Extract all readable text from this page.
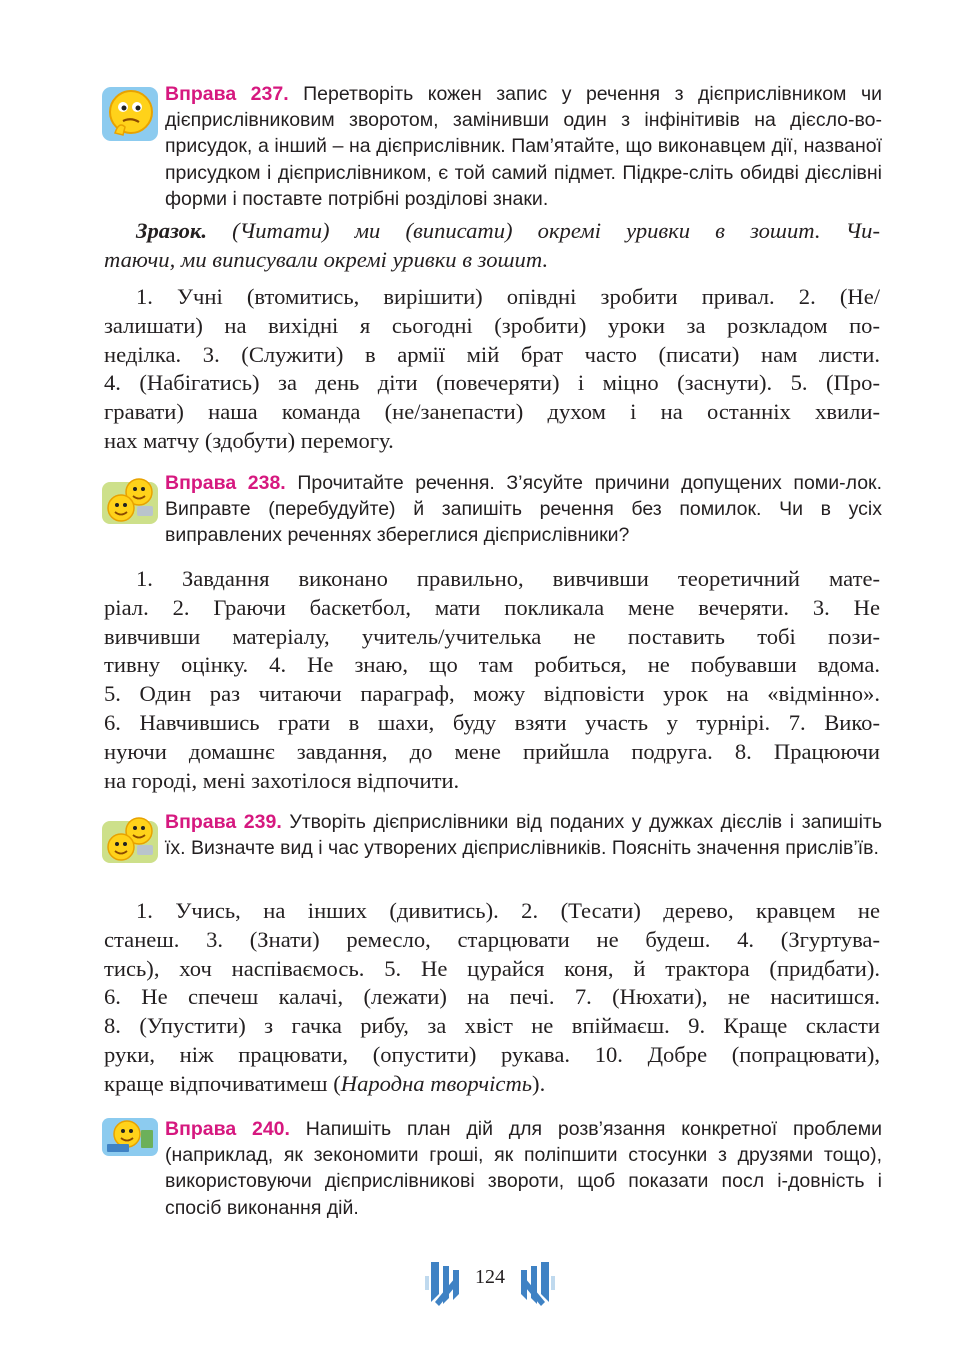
Вправа 237. Перетворіть кожен запис у речення з дієприслівником чи дієприслівниковим зворотом, замінивши один з інфінітивів на дієсло-во-присудок, а інший – на дієприслівник. Пам’ятайте, що виконавцем дії, названої присудком і дієприслівником, є той самий підмет. Підкре-сліть обидві дієслівні форми і поставте потрібні розділові знаки.
Зразок. (Читати) ми (виписати) окремі уривки в зошит. Чи-
таючи, ми виписували окремі уривки в зошит.
1. Учні (втомитись, вирішити) опівдні зробити привал. 2. (Не/
залишати) на вихідні я сьогодні (зробити) уроки за розкладом по-
неділка. 3. (Служити) в армії мій брат часто (писати) нам листи.
4. (Набігатись) за день діти (повечеряти) і міцно (заснути). 5. (Про-
гравати) наша команда (не/занепасти) духом і на останніх хвили-
нах матчу (здобути) перемогу.
Вправа 238. Прочитайте речення. З’ясуйте причини допущених поми-лок. Виправте (перебудуйте) й запишіть речення без помилок. Чи в усіх виправлених реченнях збереглися дієприслівники?
1. Завдання виконано правильно, вивчивши теоретичний мате-
ріал. 2. Граючи баскетбол, мати покликала мене вечеряти. 3. Не
вивчивши матеріалу, учитель/учителька не поставить тобі пози-
тивну оцінку. 4. Не знаю, що там робиться, не побувавши вдома.
5. Один раз читаючи параграф, можу відповісти урок на «відмінно».
6. Навчившись грати в шахи, буду взяти участь у турнірі. 7. Вико-
нуючи домашнє завдання, до мене прийшла подруга. 8. Працюючи
на городі, мені захотілося відпочити.
Вправа 239. Утворіть дієприслівники від поданих у дужках дієслів і запишіть їх. Визначте вид і час утворених дієприслівників. Поясніть значення прислів’їв.
1. Учись, на інших (дивитись). 2. (Тесати) дерево, кравцем не
станеш. 3. (Знати) ремесло, старцювати не будеш. 4. (Згуртува-
тись), хоч наспіваємось. 5. Не цурайся коня, й трактора (придбати).
6. Не спечеш калачі, (лежати) на печі. 7. (Нюхати), не наситишся.
8. (Упустити) з гачка рибу, за хвіст не впіймаєш. 9. Краще скласти
руки, ніж працювати, (опустити) рукава. 10. Добре (попрацювати),
краще відпочиватимеш (Народна творчість).
Вправа 240. Напишіть план дій для розв’язання конкретної проблеми (наприклад, як зекономити гроші, як поліпшити стосунки з друзями тощо), використовуючи дієприслівникові звороти, щоб показати посл і-довність і спосіб виконання дій.
124
